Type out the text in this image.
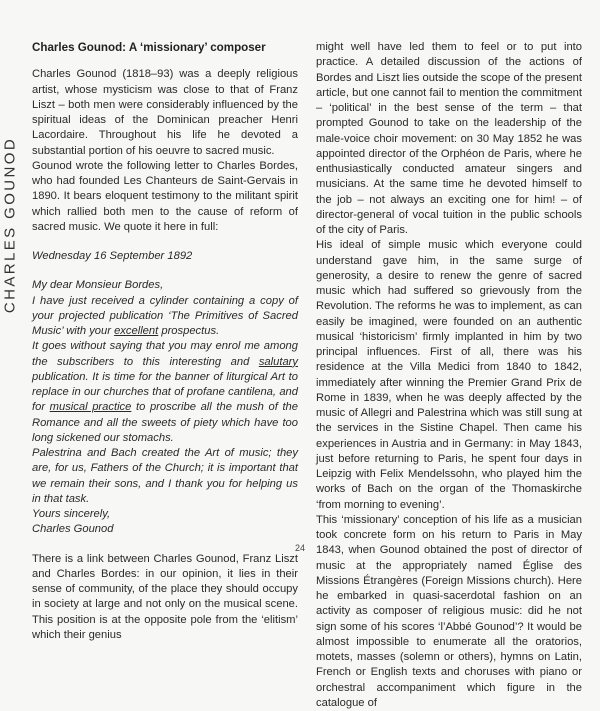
CHARLES GOUNOD

Charles Gounod: A ‘missionary’ composer

Charles Gounod (1818–93) was a deeply religious artist, whose mysticism was close to that of Franz Liszt – both men were considerably influenced by the spiritual ideas of the Dominican preacher Henri Lacordaire. Throughout his life he devoted a substantial portion of his oeuvre to sacred music.

Gounod wrote the following letter to Charles Bordes, who had founded Les Chanteurs de Saint-Gervais in 1890. It bears eloquent testimony to the militant spirit which rallied both men to the cause of reform of sacred music. We quote it here in full:

Wednesday 16 September 1892

My dear Monsieur Bordes,

I have just received a cylinder containing a copy of your projected publication ‘The Primitives of Sacred Music’ with your excellent prospectus.

It goes without saying that you may enrol me among the subscribers to this interesting and salutary publication. It is time for the banner of liturgical Art to replace in our churches that of profane cantilena, and for musical practice to proscribe all the mush of the Romance and all the sweets of piety which have too long sickened our stomachs.

Palestrina and Bach created the Art of music; they are, for us, Fathers of the Church; it is important that we remain their sons, and I thank you for helping us in that task.

Yours sincerely,

Charles Gounod

There is a link between Charles Gounod, Franz Liszt and Charles Bordes: in our opinion, it lies in their sense of community, of the place they should occupy in society at large and not only on the musical scene. This position is at the opposite pole from the ‘elitism’ which their genius

might well have led them to feel or to put into practice. A detailed discussion of the actions of Bordes and Liszt lies outside the scope of the present article, but one cannot fail to mention the commitment – ‘political’ in the best sense of the term – that prompted Gounod to take on the leadership of the male-voice choir movement: on 30 May 1852 he was appointed director of the Orphéon de Paris, where he enthusiastically conducted amateur singers and musicians. At the same time he devoted himself to the job – not always an exciting one for him! – of director-general of vocal tuition in the public schools of the city of Paris.

His ideal of simple music which everyone could understand gave him, in the same surge of generosity, a desire to renew the genre of sacred music which had suffered so grievously from the Revolution. The reforms he was to implement, as can easily be imagined, were founded on an authentic musical ‘historicism’ firmly implanted in him by two principal influences. First of all, there was his residence at the Villa Medici from 1840 to 1842, immediately after winning the Premier Grand Prix de Rome in 1839, when he was deeply affected by the music of Allegri and Palestrina which was still sung at the services in the Sistine Chapel. Then came his experiences in Austria and in Germany: in May 1843, just before returning to Paris, he spent four days in Leipzig with Felix Mendelssohn, who played him the works of Bach on the organ of the Thomaskirche ‘from morning to evening’.

This ‘missionary’ conception of his life as a musician took concrete form on his return to Paris in May 1843, when Gounod obtained the post of director of music at the appropriately named Église des Missions Étrangères (Foreign Missions church). Here he embarked in quasi-sacerdotal fashion on an activity as composer of religious music: did he not sign some of his scores ‘l’Abbé Gounod’? It would be almost impossible to enumerate all the oratorios, motets, masses (solemn or others), hymns on Latin, French or English texts and choruses with piano or orchestral accompaniment which figure in the catalogue of

24
